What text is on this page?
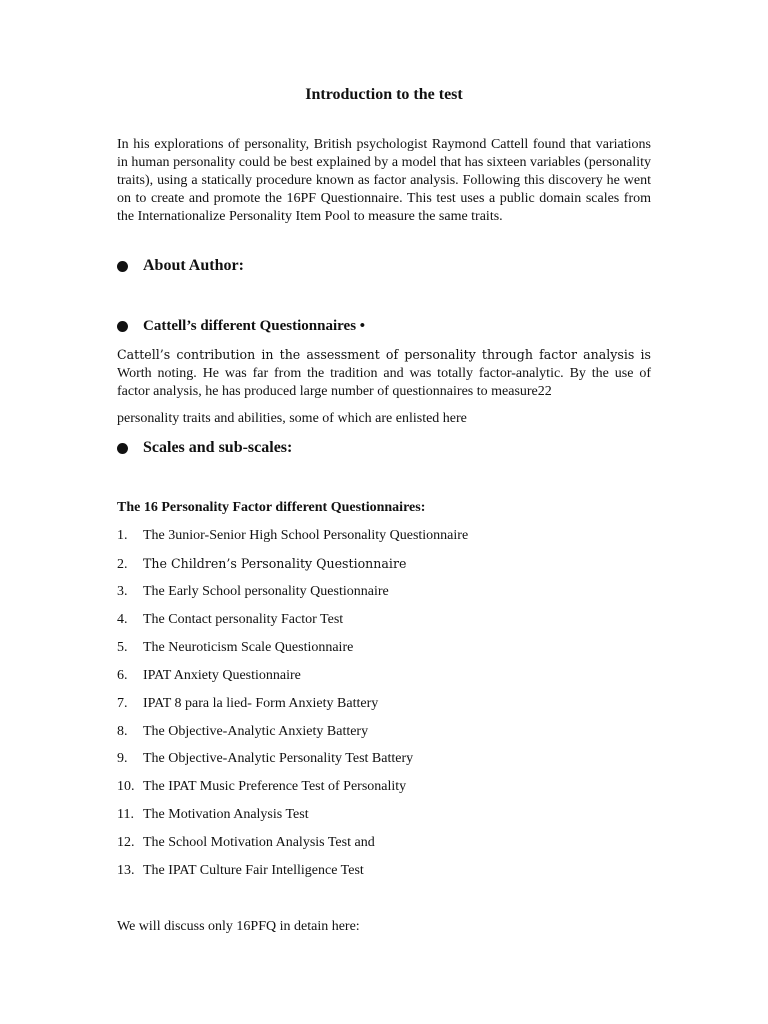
Introduction to the test
In his explorations of personality, British psychologist Raymond Cattell found that variations in human personality could be best explained by a model that has sixteen variables (personality traits), using a statically procedure known as factor analysis. Following this discovery he went on to create and promote the 16PF Questionnaire. This test uses a public domain scales from the Internationalize Personality Item Pool to measure the same traits.
About Author:
Cattell’s different Questionnaires •
Cattell’s contribution in the assessment of personality through factor analysis is Worth noting. He was far from the tradition and was totally factor-analytic. By the use of factor analysis, he has produced large number of questionnaires to measure22
personality traits and abilities, some of which are enlisted here
Scales and sub-scales:
The 16 Personality Factor different Questionnaires:
1. The 3unior-Senior High School Personality Questionnaire
2. The Children’s Personality Questionnaire
3. The Early School personality Questionnaire
4. The Contact personality Factor Test
5. The Neuroticism Scale Questionnaire
6. IPAT Anxiety Questionnaire
7. IPAT 8 para la lied- Form Anxiety Battery
8. The Objective-Analytic Anxiety Battery
9. The Objective-Analytic Personality Test Battery
10. The IPAT Music Preference Test of Personality
11. The Motivation Analysis Test
12. The School Motivation Analysis Test and
13. The IPAT Culture Fair Intelligence Test
We will discuss only 16PFQ in detain here:
